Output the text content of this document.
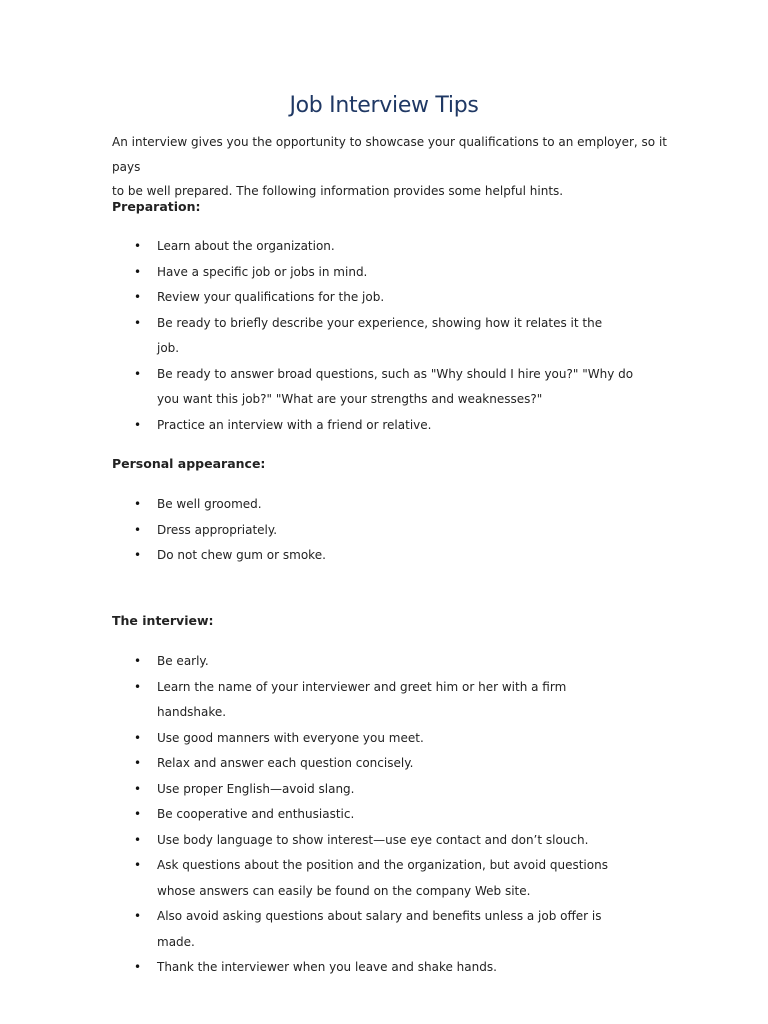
Job Interview Tips
An interview gives you the opportunity to showcase your qualifications to an employer, so it pays
to be well prepared. The following information provides some helpful hints.
Preparation:
• Learn about the organization.
• Have a specific job or jobs in mind.
• Review your qualifications for the job.
• Be ready to briefly describe your experience, showing how it relates it the job.
• Be ready to answer broad questions, such as "Why should I hire you?" "Why do you want this job?" "What are your strengths and weaknesses?"
• Practice an interview with a friend or relative.
Personal appearance:
• Be well groomed.
• Dress appropriately.
• Do not chew gum or smoke.
The interview:
• Be early.
• Learn the name of your interviewer and greet him or her with a firm handshake.
• Use good manners with everyone you meet.
• Relax and answer each question concisely.
• Use proper English—avoid slang.
• Be cooperative and enthusiastic.
• Use body language to show interest—use eye contact and don’t slouch.
• Ask questions about the position and the organization, but avoid questions whose answers can easily be found on the company Web site.
• Also avoid asking questions about salary and benefits unless a job offer is made.
• Thank the interviewer when you leave and shake hands.
